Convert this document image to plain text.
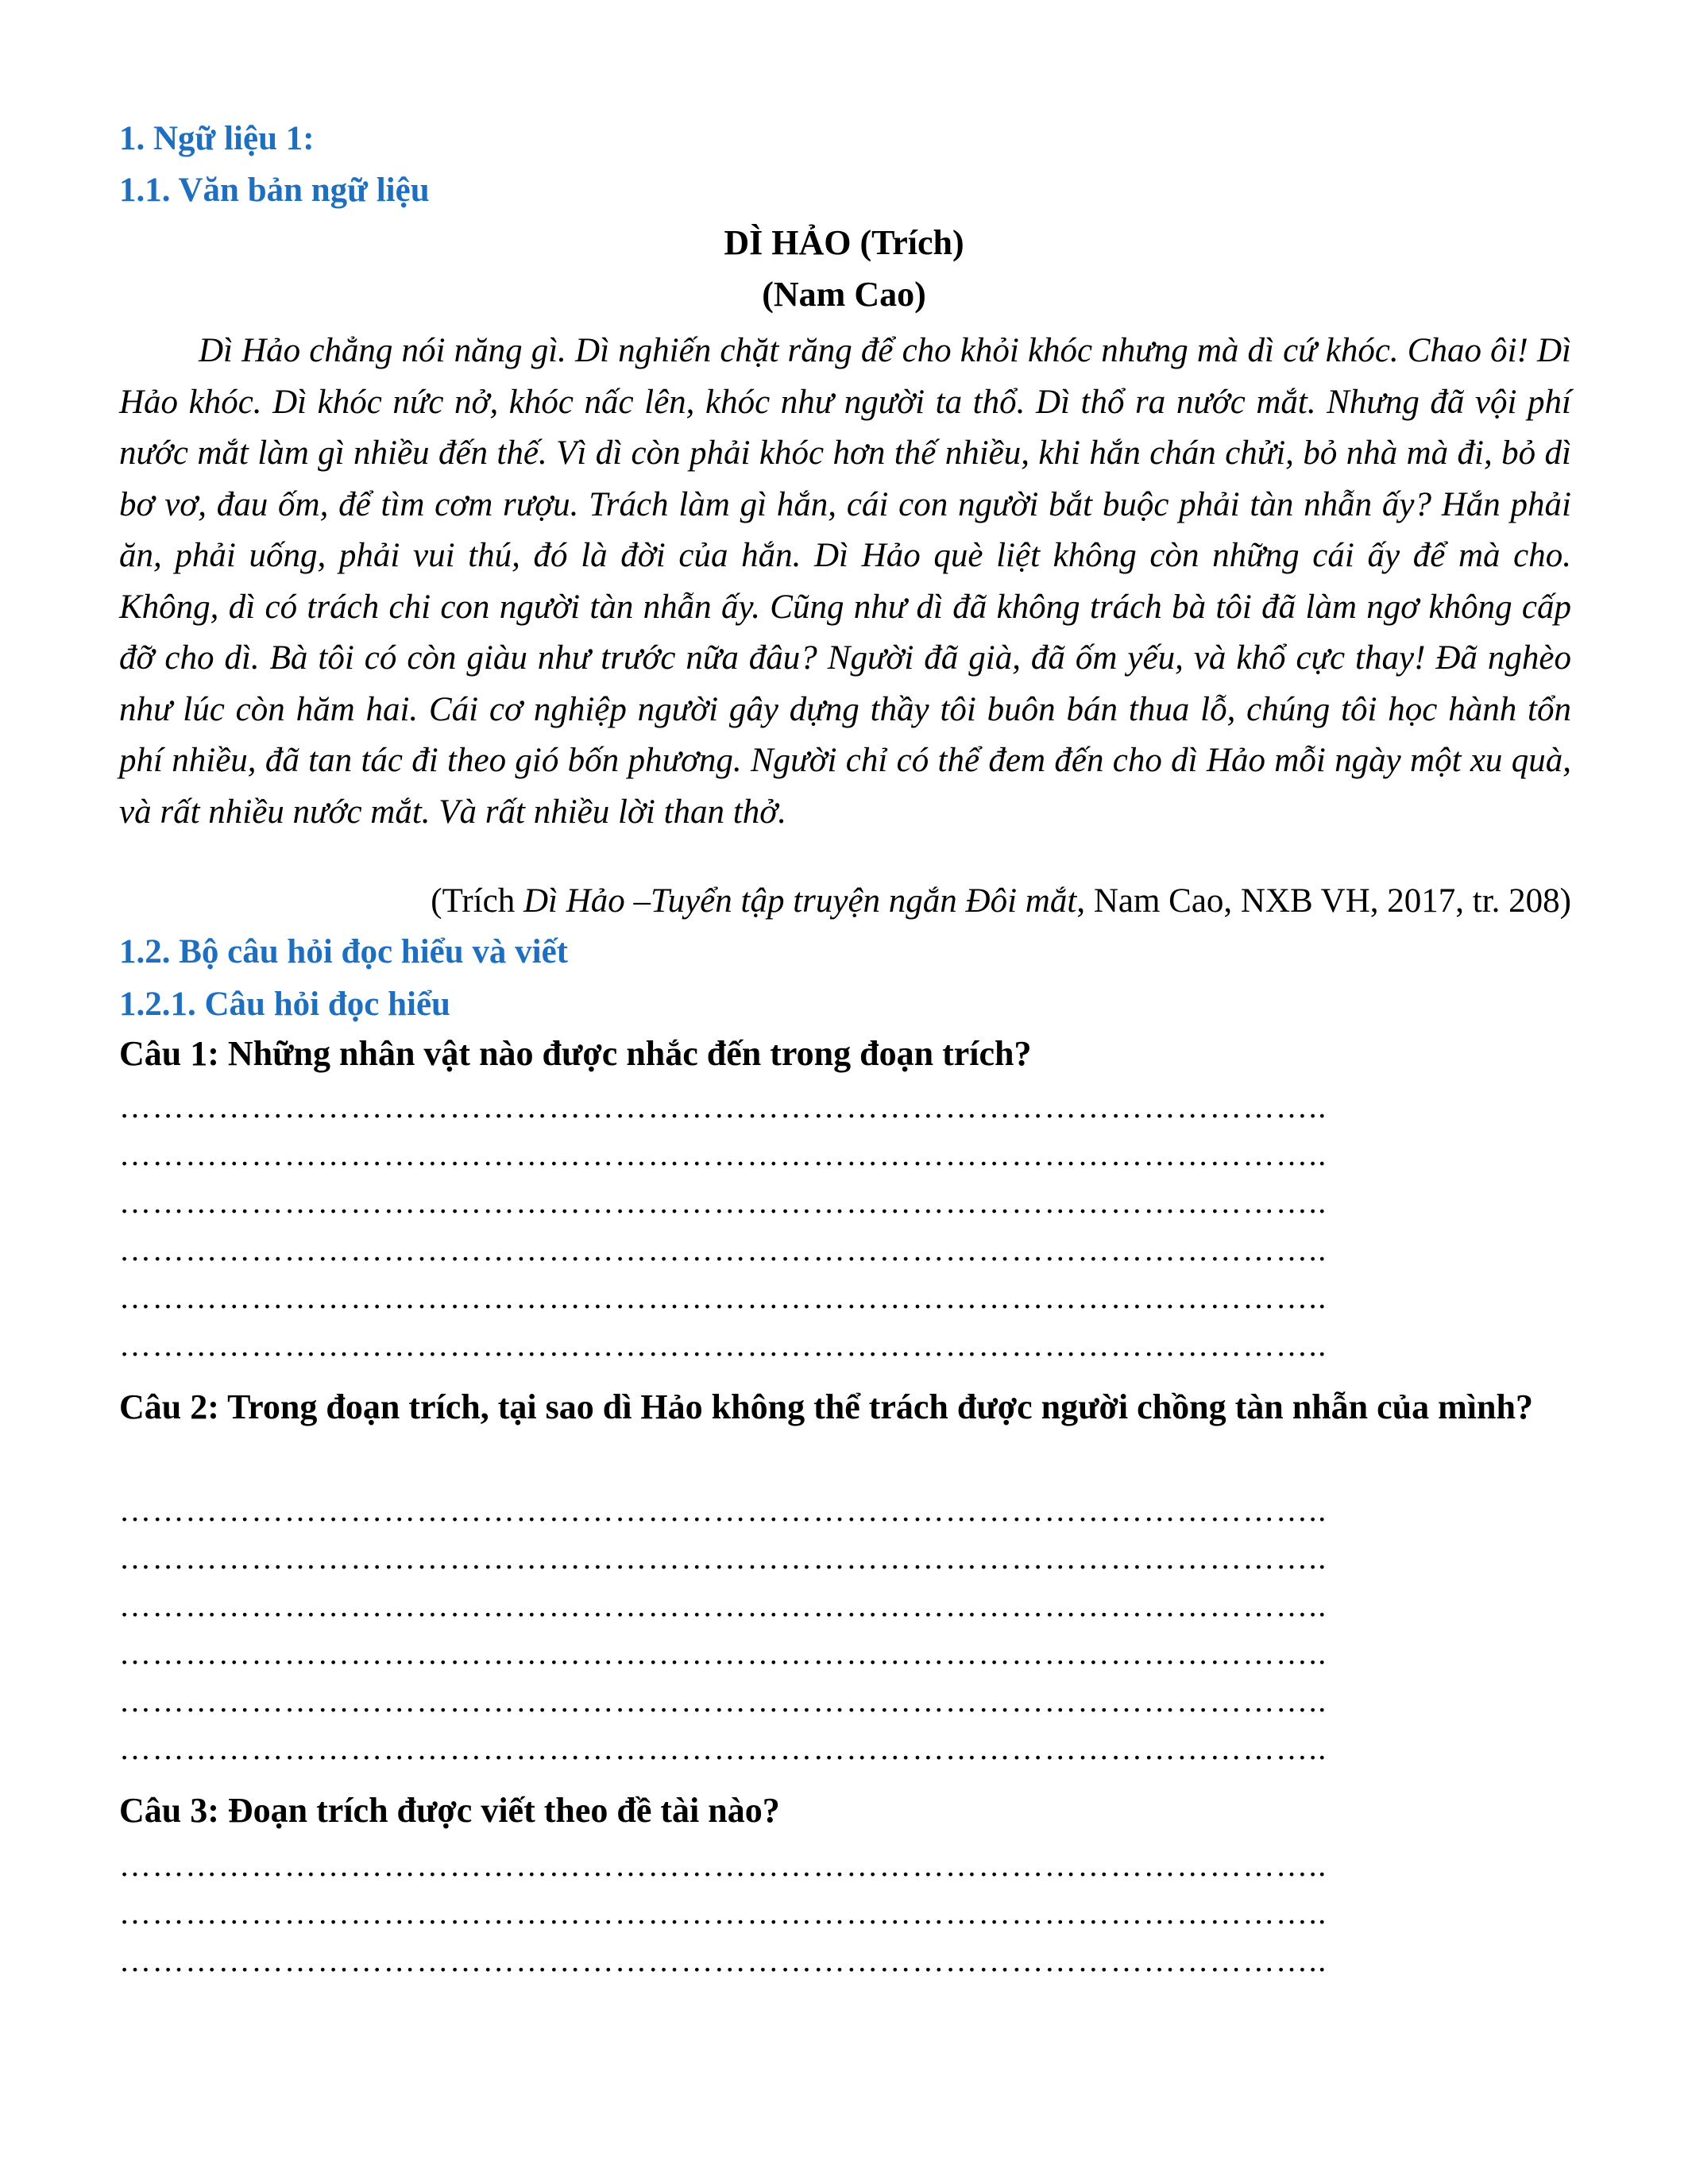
1. Ngữ liệu 1:
1.1. Văn bản ngữ liệu
DÌ HẢO (Trích)
(Nam Cao)
Dì Hảo chẳng nói năng gì. Dì nghiến chặt răng để cho khỏi khóc nhưng mà dì cứ khóc. Chao ôi! Dì Hảo khóc. Dì khóc nức nở, khóc nấc lên, khóc như người ta thổ. Dì thổ ra nước mắt. Nhưng đã vội phí nước mắt làm gì nhiều đến thế. Vì dì còn phải khóc hơn thế nhiều, khi hắn chán chửi, bỏ nhà mà đi, bỏ dì bơ vơ, đau ốm, để tìm cơm rượu. Trách làm gì hắn, cái con người bắt buộc phải tàn nhẫn ấy? Hắn phải ăn, phải uống, phải vui thú, đó là đời của hắn. Dì Hảo què liệt không còn những cái ấy để mà cho. Không, dì có trách chi con người tàn nhẫn ấy. Cũng như dì đã không trách bà tôi đã làm ngơ không cấp đỡ cho dì. Bà tôi có còn giàu như trước nữa đâu? Người đã già, đã ốm yếu, và khổ cực thay! Đã nghèo như lúc còn hăm hai. Cái cơ nghiệp người gây dựng thầy tôi buôn bán thua lỗ, chúng tôi học hành tổn phí nhiều, đã tan tác đi theo gió bốn phương. Người chỉ có thể đem đến cho dì Hảo mỗi ngày một xu quà, và rất nhiều nước mắt. Và rất nhiều lời than thở.
(Trích Dì Hảo –Tuyển tập truyện ngắn Đôi mắt, Nam Cao, NXB VH, 2017, tr. 208)
1.2. Bộ câu hỏi đọc hiểu và viết
1.2.1. Câu hỏi đọc hiểu
Câu 1: Những nhân vật nào được nhắc đến trong đoạn trích?
………………………………………………………………………………………………..
………………………………………………………………………………………………..
………………………………………………………………………………………………..
………………………………………………………………………………………………..
………………………………………………………………………………………………..
………………………………………………………………………………………………..
Câu 2: Trong đoạn trích, tại sao dì Hảo không thể trách được người chồng tàn nhẫn của mình?
………………………………………………………………………………………………..
………………………………………………………………………………………………..
………………………………………………………………………………………………..
………………………………………………………………………………………………..
………………………………………………………………………………………………..
………………………………………………………………………………………………..
Câu 3: Đoạn trích được viết theo đề tài nào?
………………………………………………………………………………………………..
………………………………………………………………………………………………..
………………………………………………………………………………………………..
